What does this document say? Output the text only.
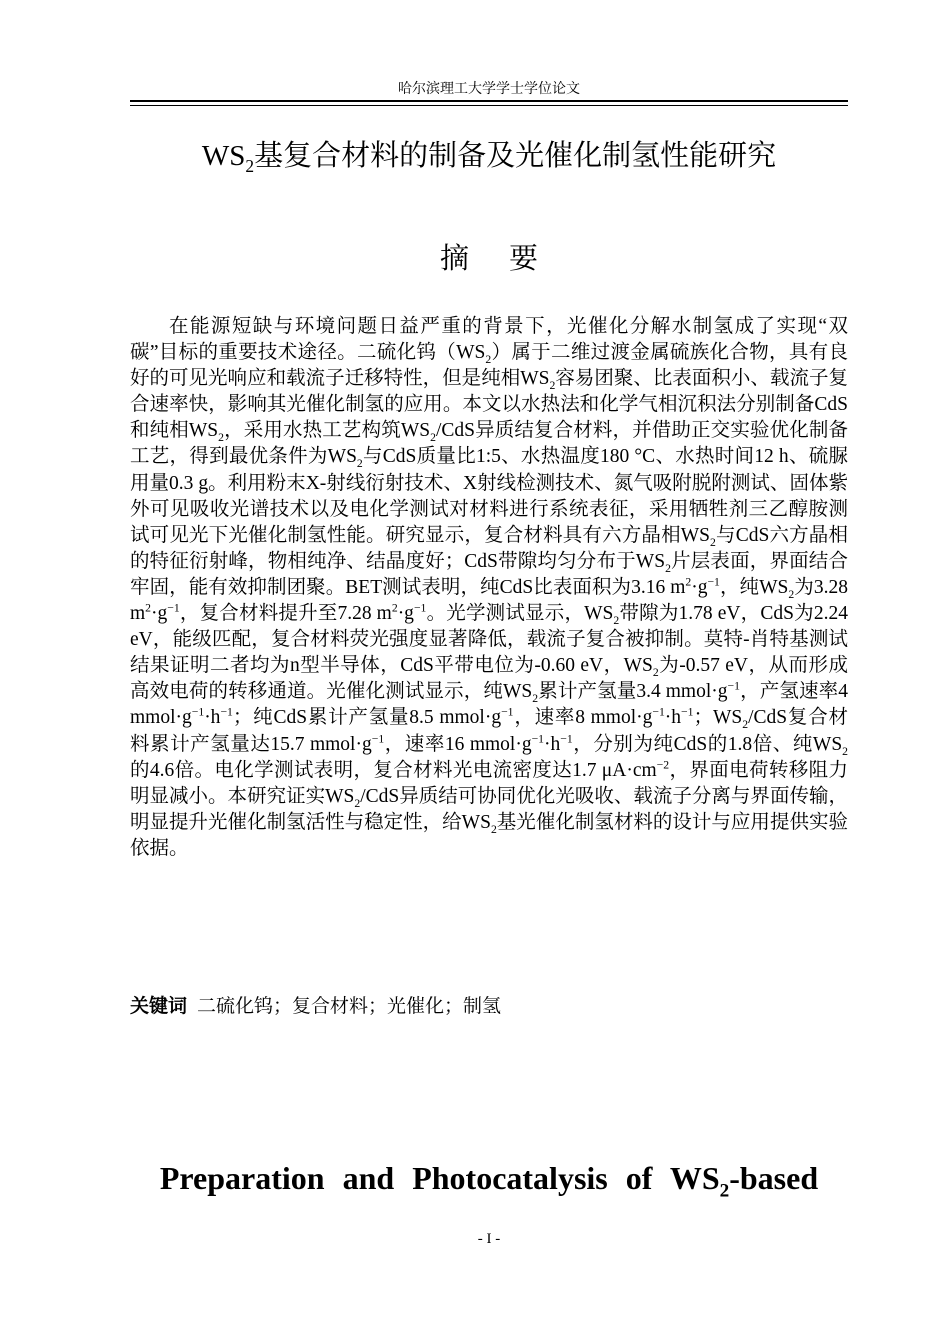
哈尔滨理工大学学士学位论文
$WS_2$基复合材料的制备及光催化制氢性能研究
摘要

在能源短缺与环境问题日益严重的背景下，光催化分解水制氢成了实现“双碳”目标的重要技术途径。二硫化钨$(WS_2)$属于二维过渡金属硫族化合物，具有良好的可见光响应和载流子迁移特性，但是纯相$WS_2$容易团聚、比表面积小、载流子复合速率快，影响其光催化制氢的应用。本文以水热法和化学气相沉积法分别制备CdS和纯相$WS_2$，采用水热工艺构筑$WS_2$/CdS异质结复合材料，并借助正交实验优化制备工艺，得到最优条件为$WS_2$与CdS质量比1:5、水热温度180 °C、水热时间12 h、硫脲用量0.3 g。利用粉末X-射线衍射技术、X射线检测技术、氮气吸附脱附测试、固体紫外可见吸收光谱技术以及电化学测试对材料进行系统表征，采用牺牲剂三乙醇胺测试可见光下光催化制氢性能。研究显示，复合材料具有六方晶相$WS_2$与CdS六方晶相的特征衍射峰，物相纯净、结晶度好；CdS带隙均匀分布于$WS_2$片层表面，界面结合牢固，能有效抑制团聚。BET测试表明，纯CdS比表面积为3.16 $m^2\cdot g^{-1}$，纯$WS_2$为3.28 $m^2\cdot g^{-1}$，复合材料提升至7.28 $m^2\cdot g^{-1}$。光学测试显示，$WS_2$带隙为1.78 eV，CdS为2.24 eV，能级匹配，复合材料荧光强度显著降低，载流子复合被抑制。莫特-肖特基测试结果证明二者均为n型半导体，CdS平带电位为-0.60 eV，$WS_2$为-0.57 eV，从而形成高效电荷的转移通道。光催化测试显示，纯$WS_2$累计产氢量3.4 $mmol\cdot g^{-1}$，产氢速率4 $mmol\cdot g^{-1}\cdot h^{-1}$；纯CdS累计产氢量8.5 $mmol\cdot g^{-1}$，速率8 $mmol\cdot g^{-1}\cdot h^{-1}$；$WS_2$/CdS复合材料累计产氢量达15.7 $mmol\cdot g^{-1}$，速率16 $mmol\cdot g^{-1}\cdot h^{-1}$，分别为纯CdS的1.8倍、纯$WS_2$的4.6倍。电化学测试表明，复合材料光电流密度达1.7 $\mu A\cdot cm^{-2}$，界面电荷转移阻力明显减小。本研究证实$WS_2$/CdS异质结可协同优化光吸收、载流子分离与界面传输，明显提升光催化制氢活性与稳定性，给$WS_2$基光催化制氢材料的设计与应用提供实验依据。

关键词 二硫化钨；复合材料；光催化；制氢
Preparation and Photocatalysis of $WS_2$-based
- I -
